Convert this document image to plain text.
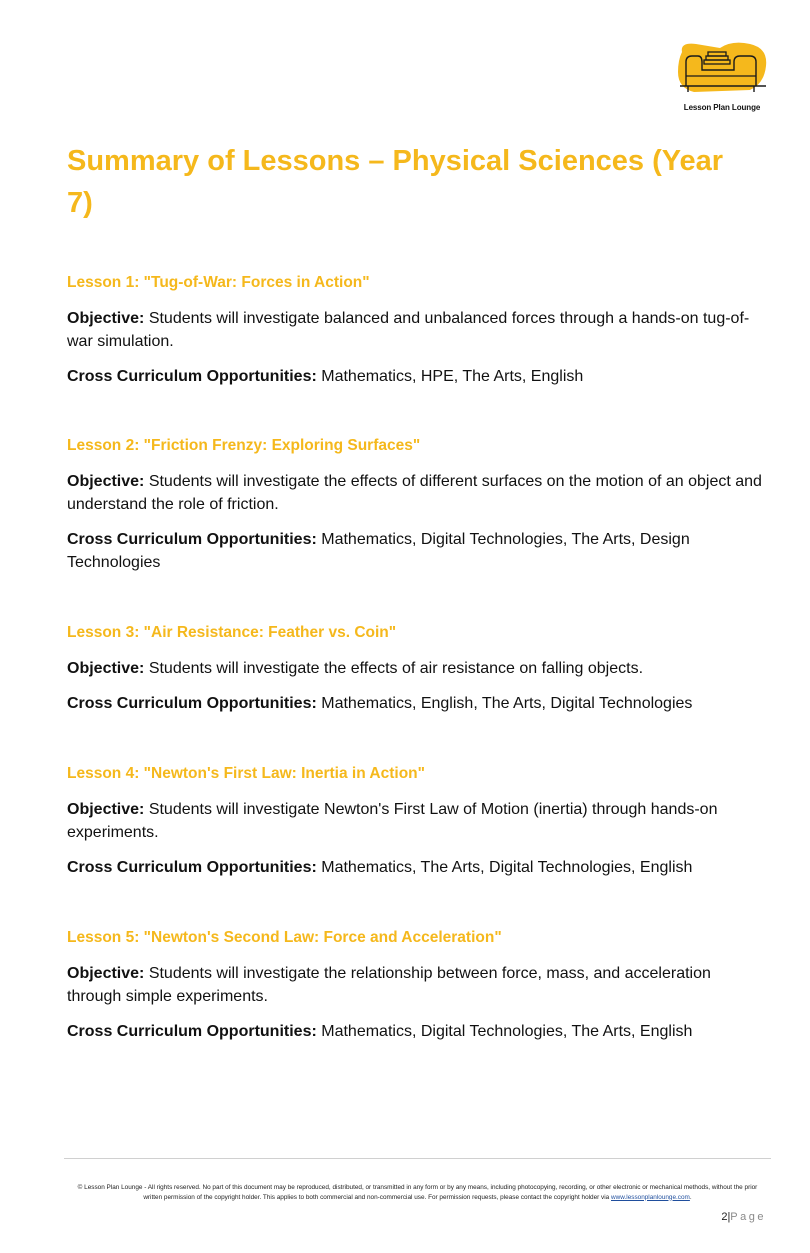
Lesson Plan Lounge
Summary of Lessons – Physical Sciences (Year 7)

Lesson 1: "Tug-of-War: Forces in Action"

Objective: Students will investigate balanced and unbalanced forces through a hands-on tug-of-war simulation.

Cross Curriculum Opportunities: Mathematics, HPE, The Arts, English

Lesson 2: "Friction Frenzy: Exploring Surfaces"

Objective: Students will investigate the effects of different surfaces on the motion of an object and understand the role of friction.

Cross Curriculum Opportunities: Mathematics, Digital Technologies, The Arts, Design Technologies

Lesson 3: "Air Resistance: Feather vs. Coin"

Objective: Students will investigate the effects of air resistance on falling objects.

Cross Curriculum Opportunities: Mathematics, English, The Arts, Digital Technologies

Lesson 4: "Newton's First Law: Inertia in Action"

Objective: Students will investigate Newton's First Law of Motion (inertia) through hands-on experiments.

Cross Curriculum Opportunities: Mathematics, The Arts, Digital Technologies, English

Lesson 5: "Newton's Second Law: Force and Acceleration"

Objective: Students will investigate the relationship between force, mass, and acceleration through simple experiments.

Cross Curriculum Opportunities: Mathematics, Digital Technologies, The Arts, English

© Lesson Plan Lounge - All rights reserved. No part of this document may be reproduced, distributed, or transmitted in any form or by any means, including photocopying, recording, or other electronic or mechanical methods, without the prior written permission of the copyright holder. This applies to both commercial and non-commercial use. For permission requests, please contact the copyright holder via www.lessonplanlounge.com.
2|Page
